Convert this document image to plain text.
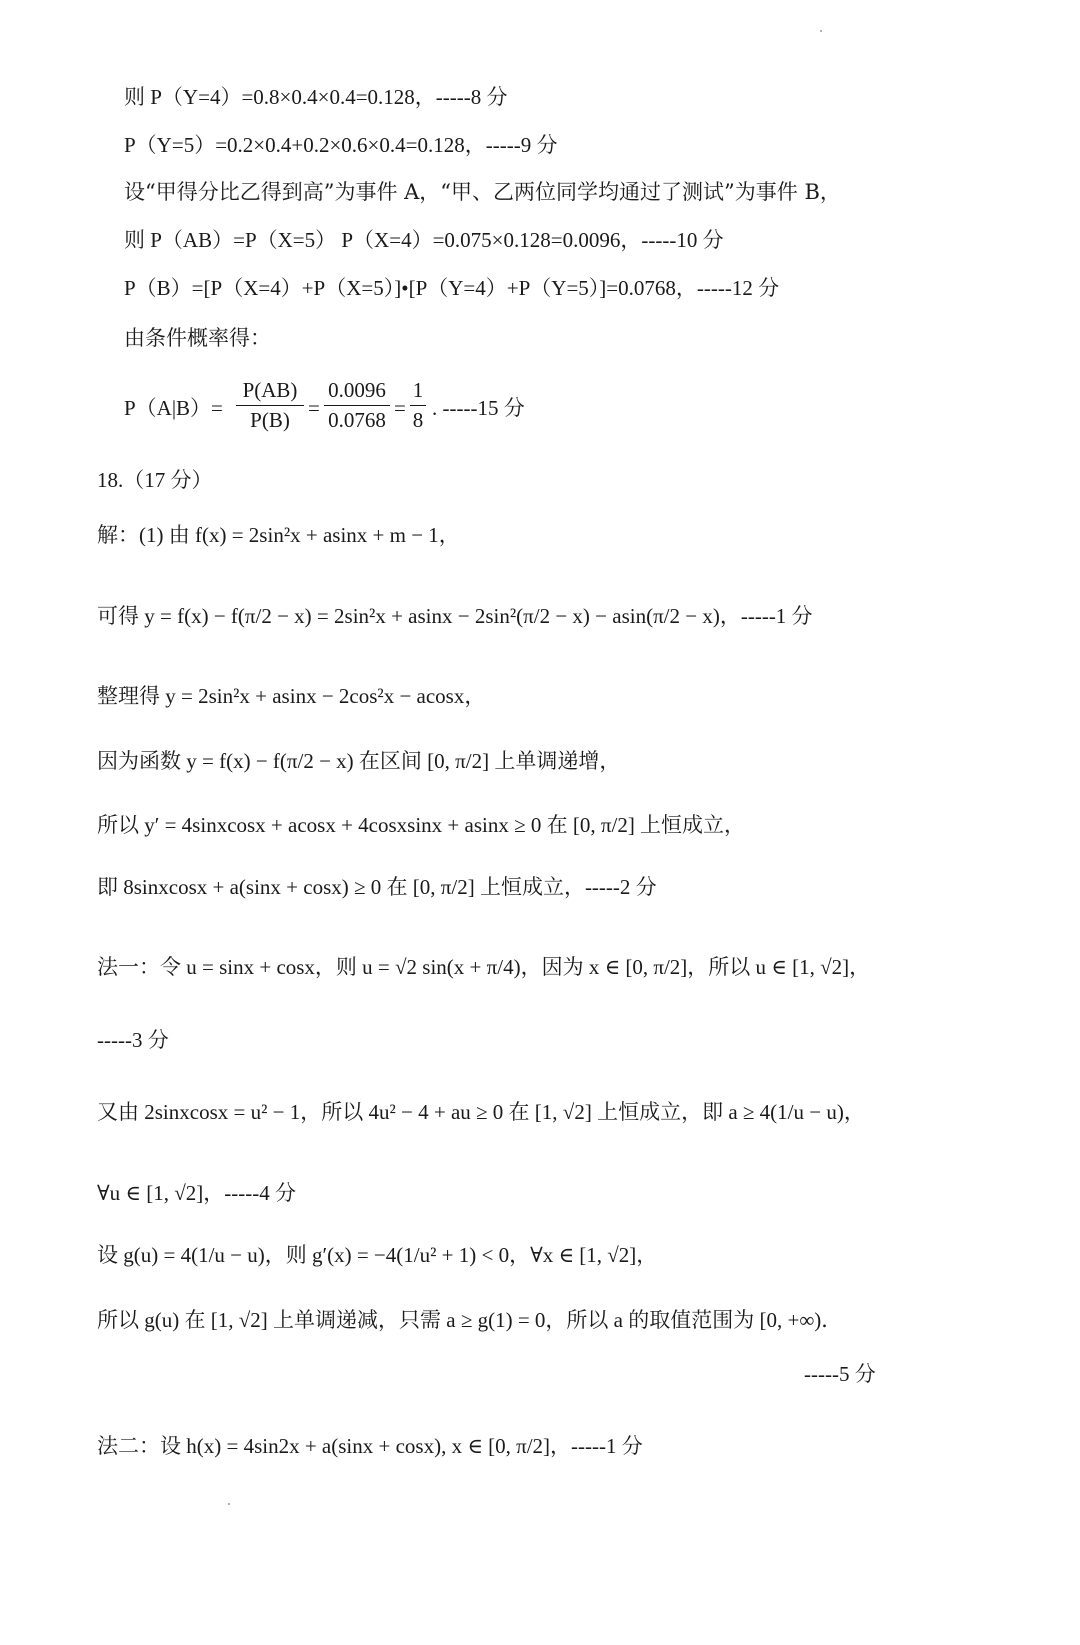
则 P（Y=4）=0.8×0.4×0.4=0.128，-----8 分
P（Y=5）=0.2×0.4+0.2×0.6×0.4=0.128，-----9 分
设“甲得分比乙得到高”为事件 A，“甲、乙两位同学均通过了测试”为事件 B，
则 P（AB）=P（X=5） P（X=4）=0.075×0.128=0.0096，-----10 分
P（B）=[P（X=4）+P（X=5）]•[P（Y=4）+P（Y=5）]=0.0768，-----12 分
由条件概率得：
P（A|B）=
P(AB)
P(B) =
0.0096
0.0768 =
1
8 . -----15 分
18.（17 分）
解：(1) 由 f(x) = 2sin²x + asinx + m − 1，
可得 y = f(x) − f(π/2 − x) = 2sin²x + asinx − 2sin²(π/2 − x) − asin(π/2 − x)，-----1 分
整理得 y = 2sin²x + asinx − 2cos²x − acosx，
因为函数 y = f(x) − f(π/2 − x) 在区间 [0, π/2] 上单调递增，
所以 y′ = 4sinxcosx + acosx + 4cosxsinx + asinx ≥ 0 在 [0, π/2] 上恒成立，
即 8sinxcosx + a(sinx + cosx) ≥ 0 在 [0, π/2] 上恒成立，-----2 分
法一：令 u = sinx + cosx，则 u = √2 sin(x + π/4)，因为 x ∈ [0, π/2]，所以 u ∈ [1, √2]，
-----3 分
又由 2sinxcosx = u² − 1，所以 4u² − 4 + au ≥ 0 在 [1, √2] 上恒成立，即 a ≥ 4(1/u − u)，
∀u ∈ [1, √2]，-----4 分
设 g(u) = 4(1/u − u)，则 g′(x) = −4(1/u² + 1) < 0，∀x ∈ [1, √2]，
所以 g(u) 在 [1, √2] 上单调递减，只需 a ≥ g(1) = 0，所以 a 的取值范围为 [0, +∞)．
-----5 分
法二：设 h(x) = 4sin2x + a(sinx + cosx), x ∈ [0, π/2]，-----1 分
